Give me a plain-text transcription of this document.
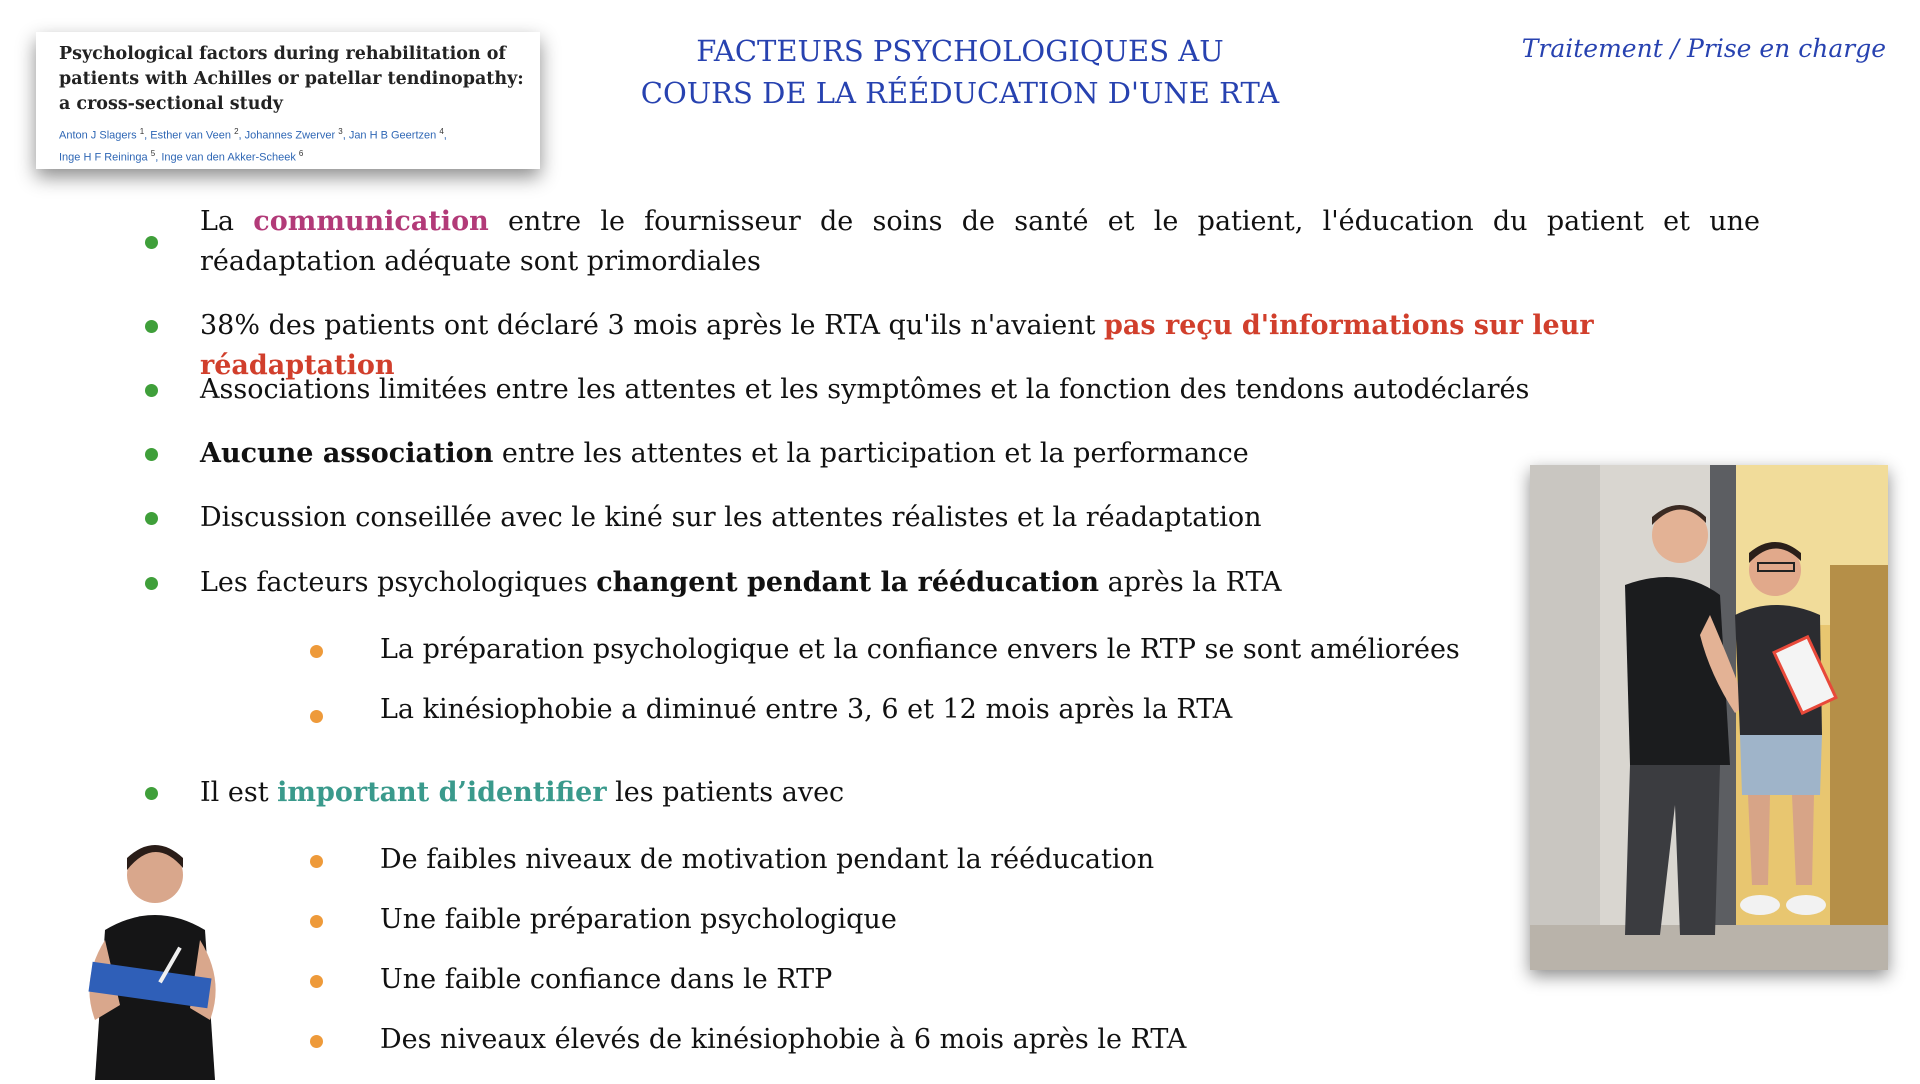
Psychological factors during rehabilitation of patients with Achilles or patellar tendinopathy: a cross-sectional study

Anton J Slagers $^1$, Esther van Veen $^2$, Johannes Zwerver $^3$, Jan H B Geertzen $^4$,
Inge H F Reininga $^5$, Inge van den Akker-Scheek $^6$
FACTEURS PSYCHOLOGIQUES AU
COURS DE LA RÉÉDUCATION D'UNE RTA
Traitement / Prise en charge
La communication entre le fournisseur de soins de santé et le patient, l'éducation du patient et une réadaptation adéquate sont primordiales
38% des patients ont déclaré 3 mois après le RTA qu'ils n'avaient pas reçu d'informations sur leur réadaptation
Associations limitées entre les attentes et les symptômes et la fonction des tendons autodéclarés
Aucune association entre les attentes et la participation et la performance
Discussion conseillée avec le kiné sur les attentes réalistes et la réadaptation
Les facteurs psychologiques changent pendant la rééducation après la RTA
La préparation psychologique et la confiance envers le RTP se sont améliorées
La kinésiophobie a diminué entre 3, 6 et 12 mois après la RTA
Il est important d’identifier les patients avec
De faibles niveaux de motivation pendant la rééducation
Une faible préparation psychologique
Une faible confiance dans le RTP
Des niveaux élevés de kinésiophobie à 6 mois après le RTA
